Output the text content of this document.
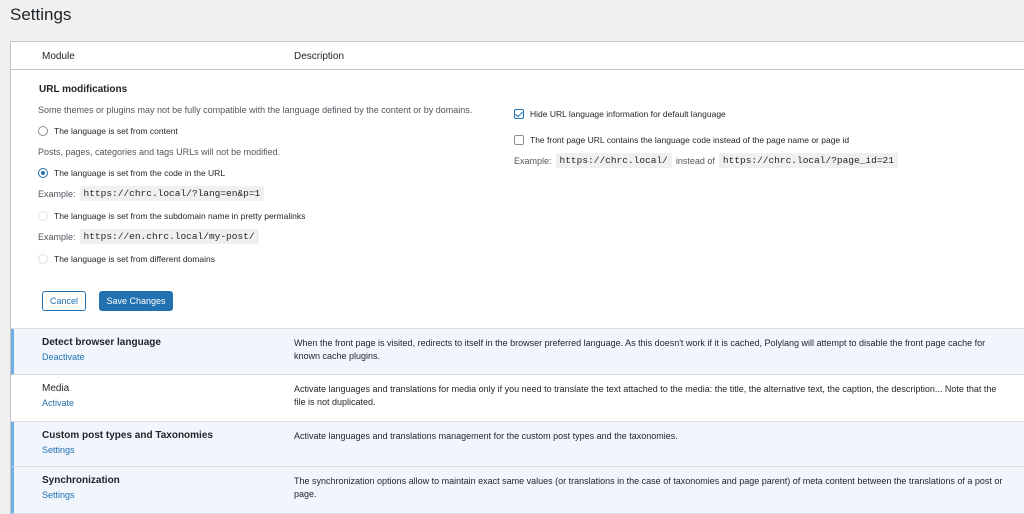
Settings
Module	Description
URL modifications
Some themes or plugins may not be fully compatible with the language defined by the content or by domains.
The language is set from content
Posts, pages, categories and tags URLs will not be modified.
The language is set from the code in the URL
Example: https://chrc.local/?lang=en&p=1
The language is set from the subdomain name in pretty permalinks
Example: https://en.chrc.local/my-post/
The language is set from different domains
Hide URL language information for default language
The front page URL contains the language code instead of the page name or page id
Example: https://chrc.local/ instead of https://chrc.local/?page_id=21
Cancel	Save Changes
Detect browser language
Deactivate
When the front page is visited, redirects to itself in the browser preferred language. As this doesn't work if it is cached, Polylang will attempt to disable the front page cache for known cache plugins.
Media
Activate
Activate languages and translations for media only if you need to translate the text attached to the media: the title, the alternative text, the caption, the description... Note that the file is not duplicated.
Custom post types and Taxonomies
Settings
Activate languages and translations management for the custom post types and the taxonomies.
Synchronization
Settings
The synchronization options allow to maintain exact same values (or translations in the case of taxonomies and page parent) of meta content between the translations of a post or page.
